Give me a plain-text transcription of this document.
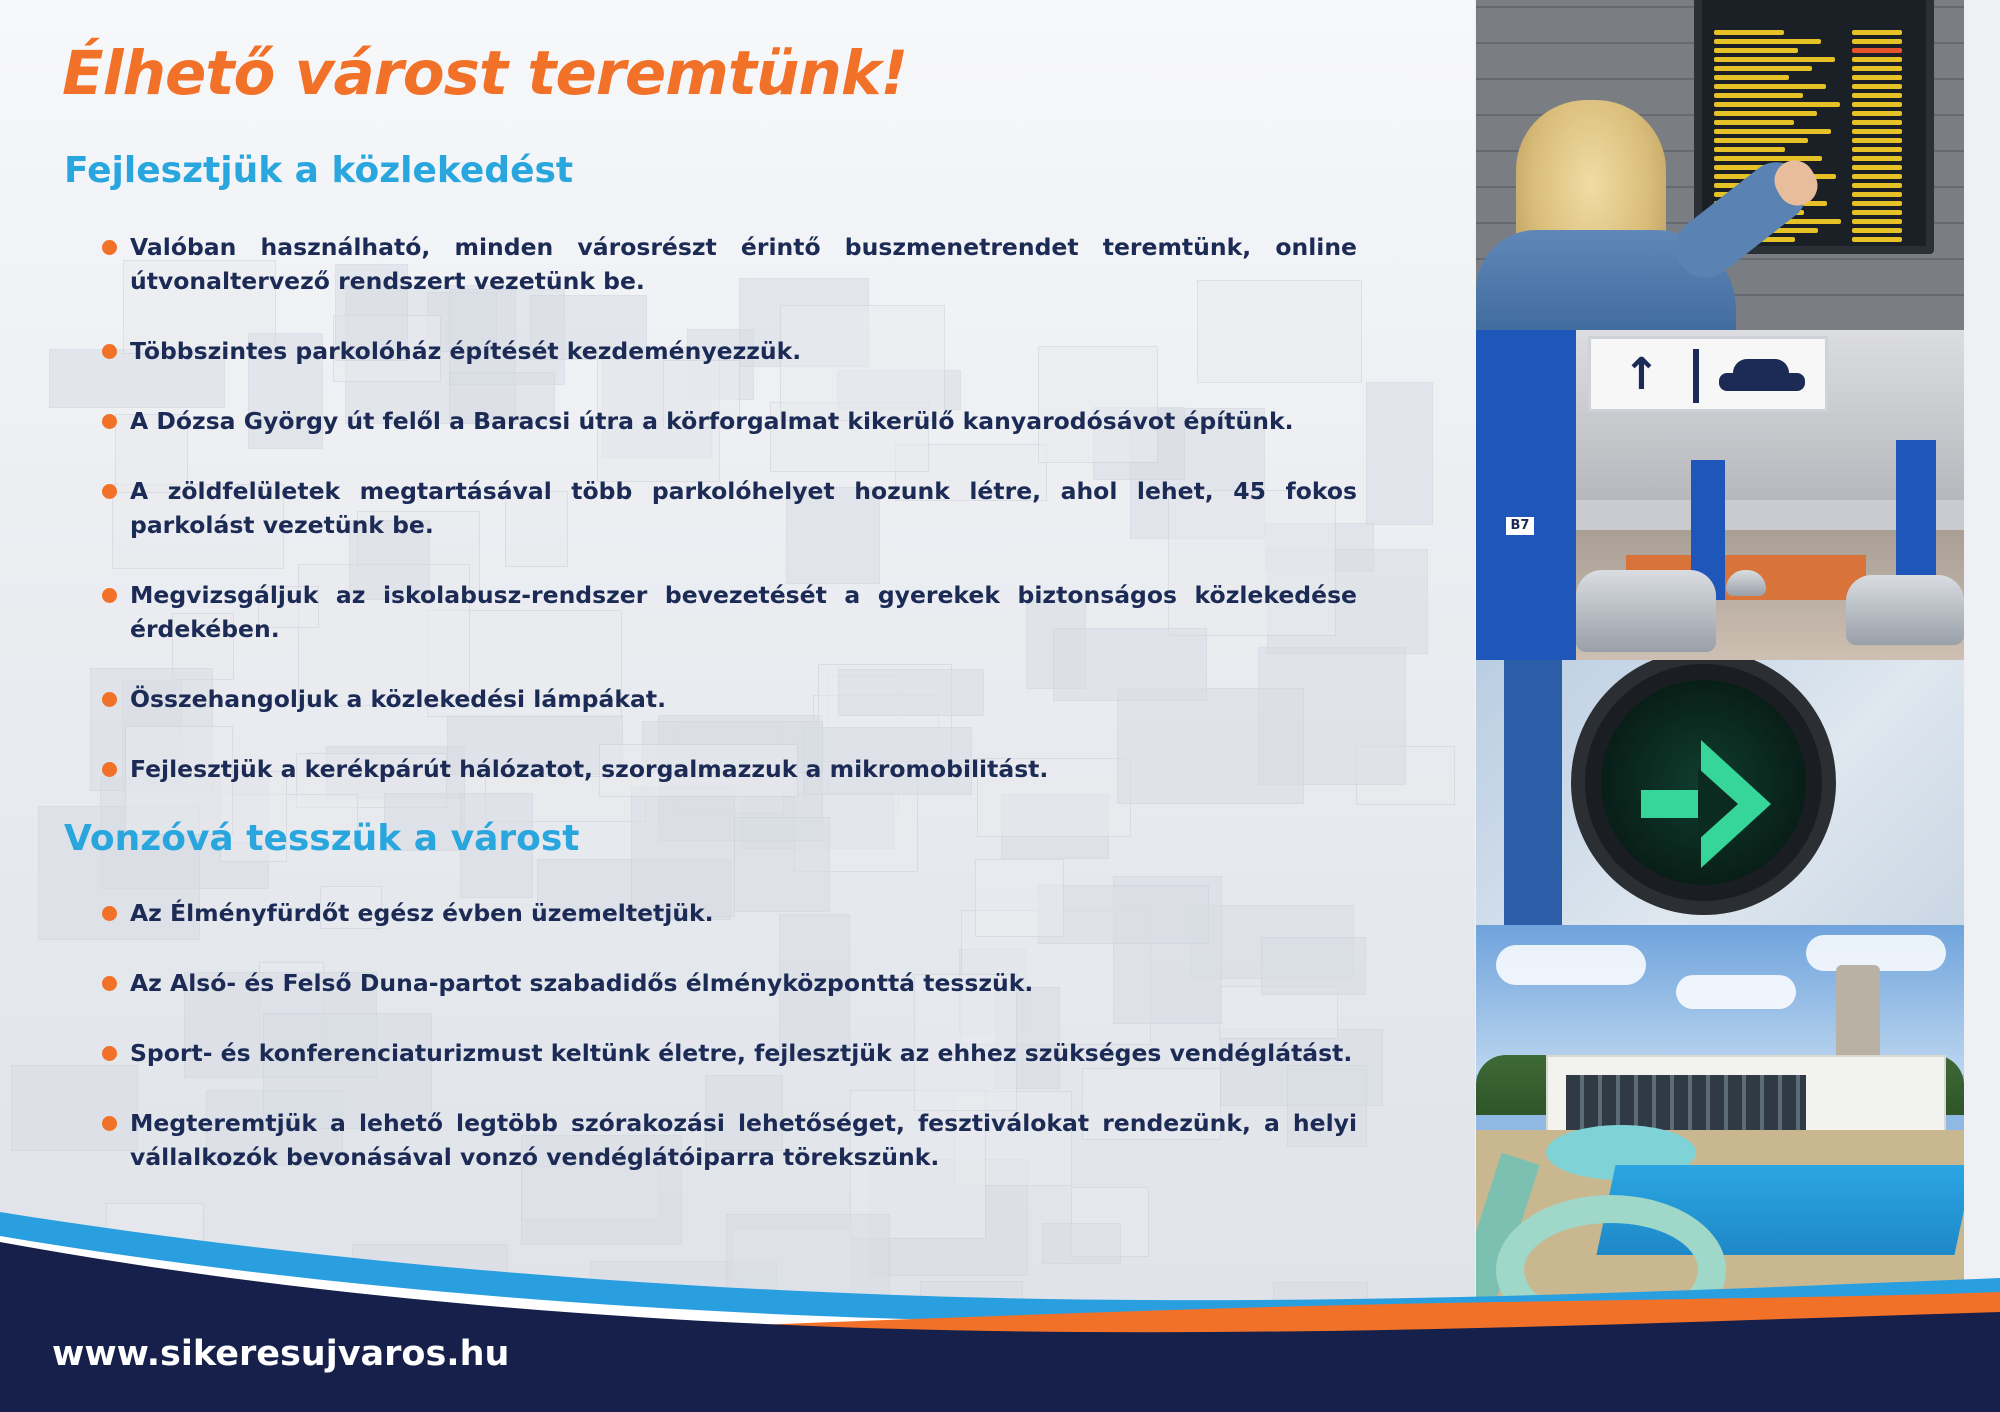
Élhető várost teremtünk!
Fejlesztjük a közlekedést
Valóban használható, minden városrészt érintő buszmenetrendet teremtünk, online útvonaltervező rendszert vezetünk be.
Többszintes parkolóház építését kezdeményezzük.
A Dózsa György út felől a Baracsi útra a körforgalmat kikerülő kanyarodósávot építünk.
A zöldfelületek megtartásával több parkolóhelyet hozunk létre, ahol lehet, 45 fokos parkolást vezetünk be.
Megvizsgáljuk az iskolabusz-rendszer bevezetését a gyerekek biztonságos közlekedése érdekében.
Összehangoljuk a közlekedési lámpákat.
Fejlesztjük a kerékpárút hálózatot, szorgalmazzuk a mikromobilitást.
Vonzóvá tesszük a várost
Az Élményfürdőt egész évben üzemeltetjük.
Az Alsó- és Felső Duna-partot szabadidős élményközponttá tesszük.
Sport- és konferenciaturizmust keltünk életre, fejlesztjük az ehhez szükséges vendéglátást.
Megteremtjük a lehető legtöbb szórakozási lehetőséget, fesztiválokat rendezünk, a helyi vállalkozók bevonásával vonzó vendéglátóiparra törekszünk.
B7
↑
www.sikeresujvaros.hu
